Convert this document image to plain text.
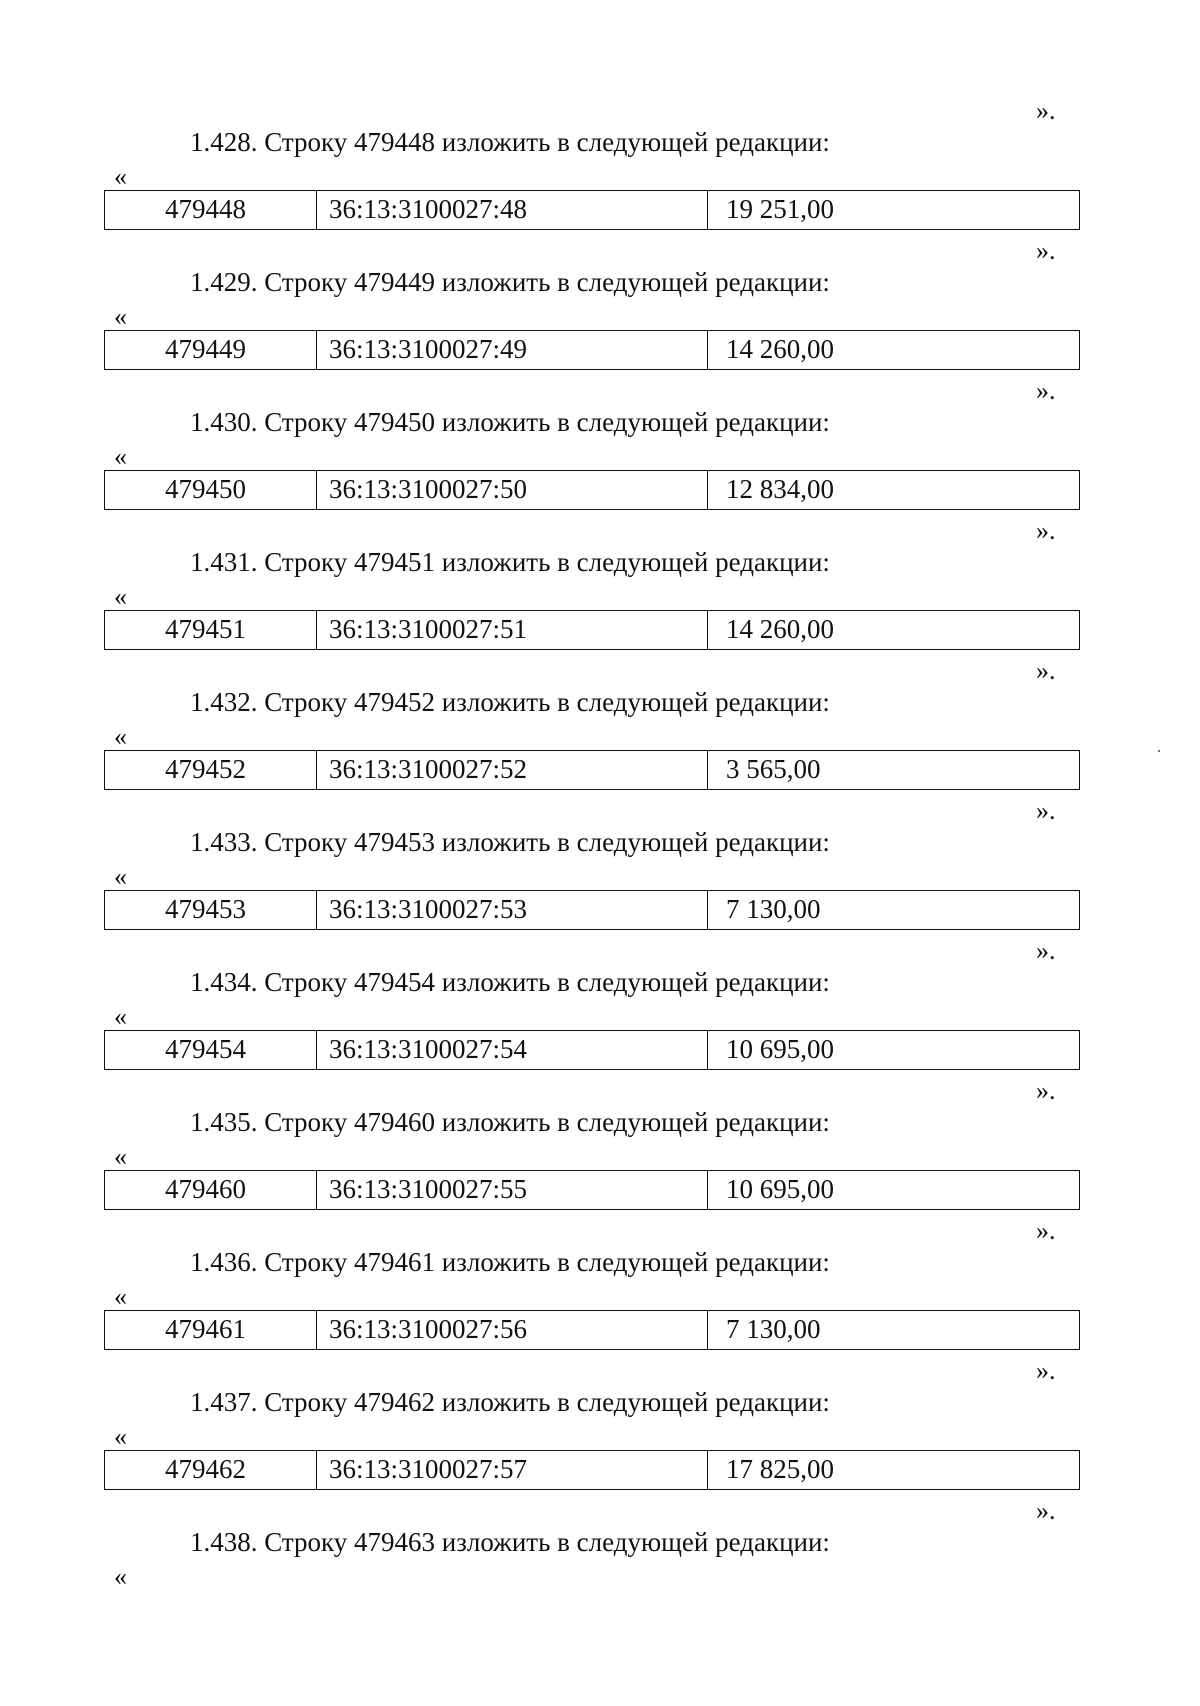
».
1.428. Строку 479448 изложить в следующей редакции:
«
479448	36:13:3100027:48	19 251,00
».
1.429. Строку 479449 изложить в следующей редакции:
«
479449	36:13:3100027:49	14 260,00
».
1.430. Строку 479450 изложить в следующей редакции:
«
479450	36:13:3100027:50	12 834,00
».
1.431. Строку 479451 изложить в следующей редакции:
«
479451	36:13:3100027:51	14 260,00
».
1.432. Строку 479452 изложить в следующей редакции:
«
479452	36:13:3100027:52	3 565,00
».
1.433. Строку 479453 изложить в следующей редакции:
«
479453	36:13:3100027:53	7 130,00
».
1.434. Строку 479454 изложить в следующей редакции:
«
479454	36:13:3100027:54	10 695,00
».
1.435. Строку 479460 изложить в следующей редакции:
«
479460	36:13:3100027:55	10 695,00
».
1.436. Строку 479461 изложить в следующей редакции:
«
479461	36:13:3100027:56	7 130,00
».
1.437. Строку 479462 изложить в следующей редакции:
«
479462	36:13:3100027:57	17 825,00
».
1.438. Строку 479463 изложить в следующей редакции:
«
